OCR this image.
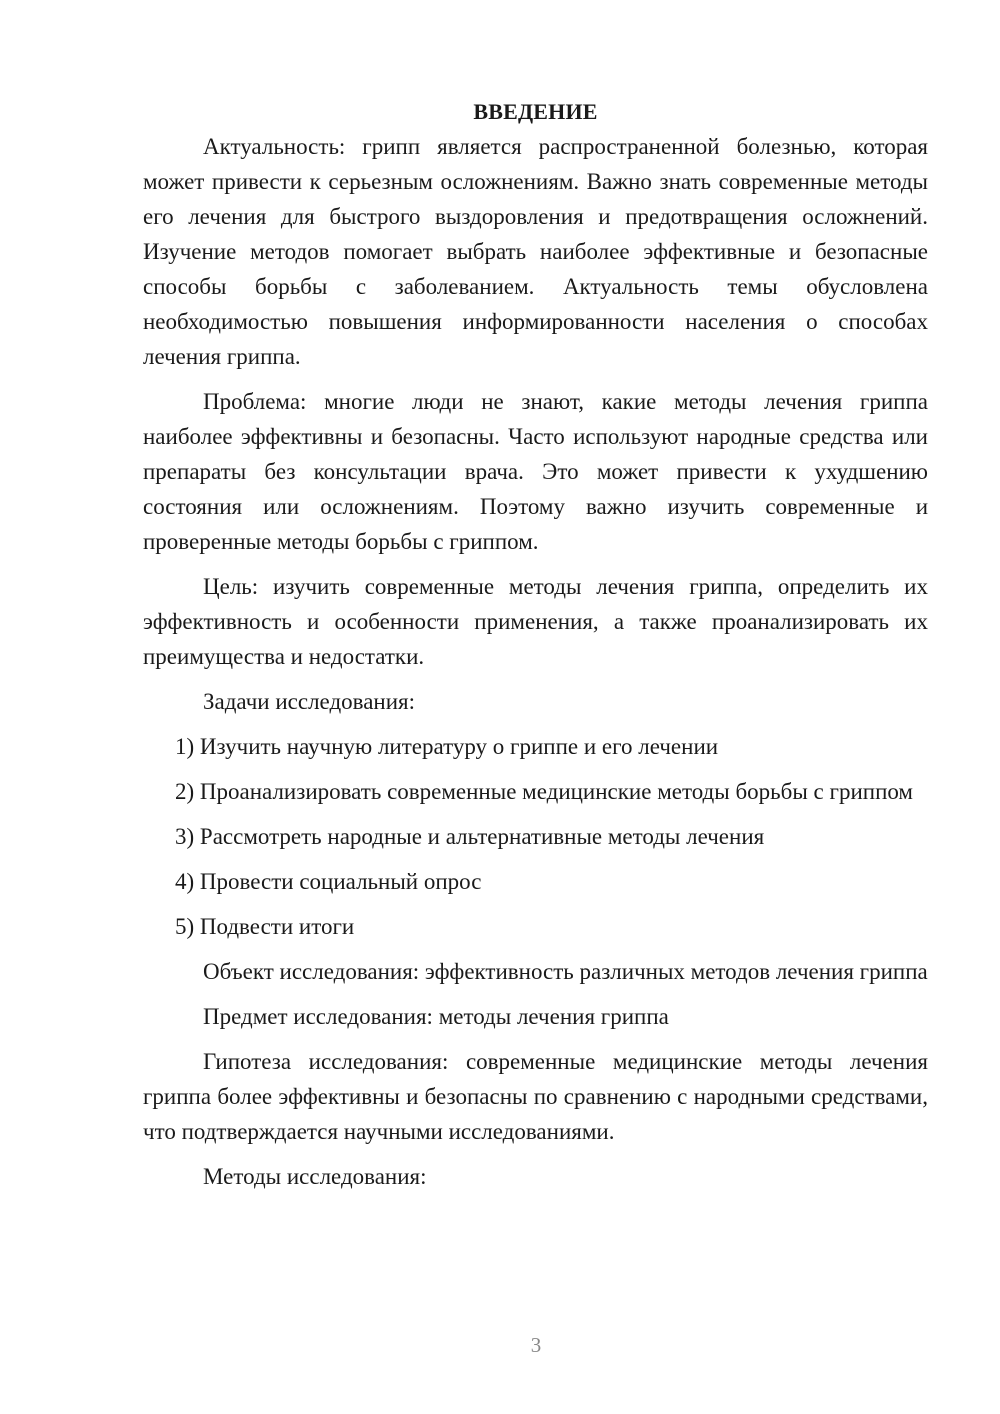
ВВЕДЕНИЕ

Актуальность: грипп является распространенной болезнью, которая может привести к серьезным осложнениям. Важно знать современные методы его лечения для быстрого выздоровления и предотвращения осложнений. Изучение методов помогает выбрать наиболее эффективные и безопасные способы борьбы с заболеванием. Актуальность темы обусловлена необходимостью повышения информированности населения о способах лечения гриппа.

Проблема: многие люди не знают, какие методы лечения гриппа наиболее эффективны и безопасны. Часто используют народные средства или препараты без консультации врача. Это может привести к ухудшению состояния или осложнениям. Поэтому важно изучить современные и проверенные методы борьбы с гриппом.

Цель: изучить современные методы лечения гриппа, определить их эффективность и особенности применения, а также проанализировать их преимущества и недостатки.

Задачи исследования:

1) Изучить научную литературу о гриппе и его лечении

2) Проанализировать современные медицинские методы борьбы с гриппом

3) Рассмотреть народные и альтернативные методы лечения

4) Провести социальный опрос

5) Подвести итоги

Объект исследования: эффективность различных методов лечения гриппа

Предмет исследования: методы лечения гриппа

Гипотеза исследования: современные медицинские методы лечения гриппа более эффективны и безопасны по сравнению с народными средствами, что подтверждается научными исследованиями.

Методы исследования:

3
